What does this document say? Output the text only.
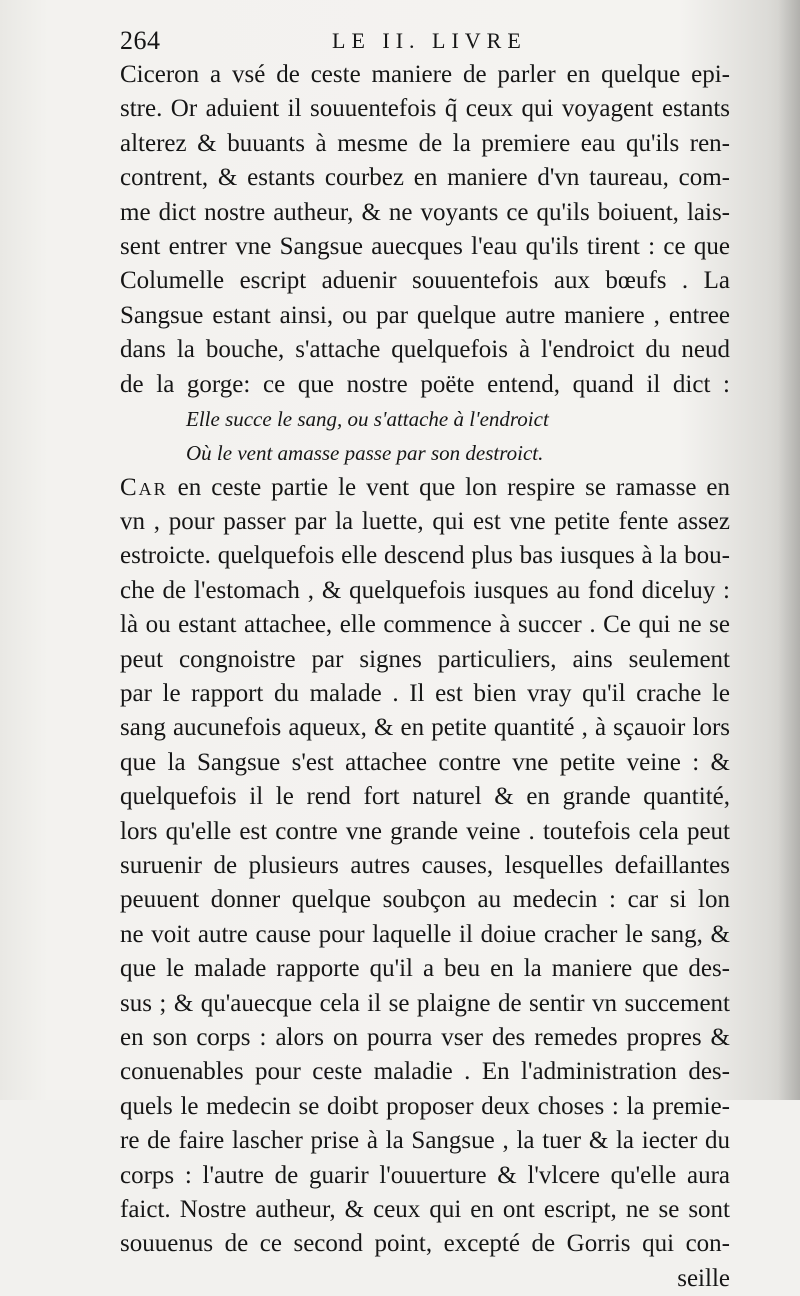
264	LE II. LIVRE
Ciceron a vsé de ceste maniere de parler en quelque epi-
stre. Or aduient il souuentefois q̃ ceux qui voyagent estants
alterez & buuants à mesme de la premiere eau qu'ils ren-
contrent, & estants courbez en maniere d'vn taureau, com-
me dict nostre autheur, & ne voyants ce qu'ils boiuent, lais-
sent entrer vne Sangsue auecques l'eau qu'ils tirent : ce que
Columelle escript aduenir souuentefois aux bœufs . La
Sangsue estant ainsi, ou par quelque autre maniere , entree
dans la bouche, s'attache quelquefois à l'endroict du neud
de la gorge: ce que nostre poëte entend, quand il dict :
Elle succe le sang, ou s'attache à l'endroict
Où le vent amasse passe par son destroict.
Car en ceste partie le vent que lon respire se ramasse en
vn , pour passer par la luette, qui est vne petite fente assez
estroicte. quelquefois elle descend plus bas iusques à la bou-
che de l'estomach , & quelquefois iusques au fond diceluy :
là ou estant attachee, elle commence à succer . Ce qui ne se
peut congnoistre par signes particuliers, ains seulement
par le rapport du malade . Il est bien vray qu'il crache le
sang aucunefois aqueux, & en petite quantité , à sçauoir lors
que la Sangsue s'est attachee contre vne petite veine : &
quelquefois il le rend fort naturel & en grande quantité,
lors qu'elle est contre vne grande veine . toutefois cela peut
suruenir de plusieurs autres causes, lesquelles defaillantes
peuuent donner quelque soubçon au medecin : car si lon
ne voit autre cause pour laquelle il doiue cracher le sang, &
que le malade rapporte qu'il a beu en la maniere que des-
sus ; & qu'auecque cela il se plaigne de sentir vn succement
en son corps : alors on pourra vser des remedes propres &
conuenables pour ceste maladie . En l'administration des-
quels le medecin se doibt proposer deux choses : la premie-
re de faire lascher prise à la Sangsue , la tuer & la iecter du
corps : l'autre de guarir l'ouuerture & l'vlcere qu'elle aura
faict. Nostre autheur, & ceux qui en ont escript, ne se sont
souuenus de ce second point, excepté de Gorris qui con-
seille
